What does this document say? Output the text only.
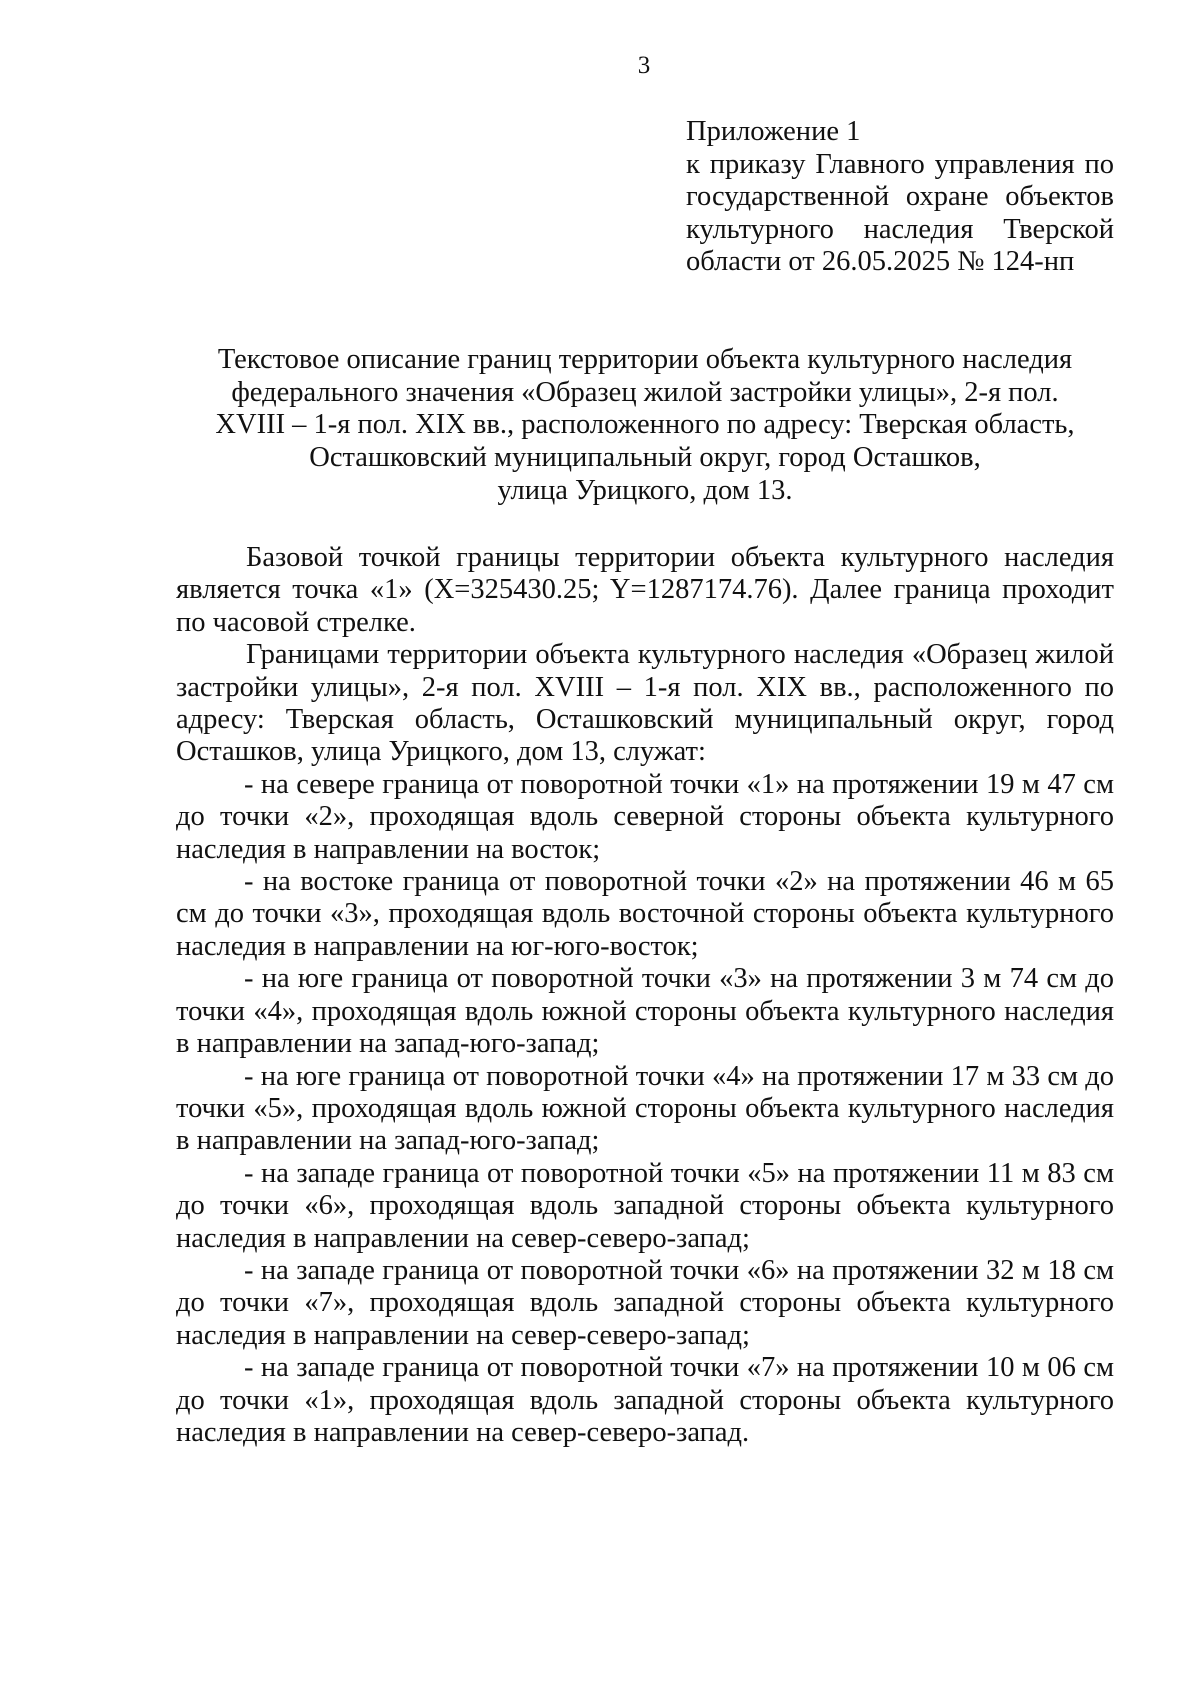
3
Приложение 1
к приказу Главного управления по государственной охране объектов культурного наследия Тверской области от 26.05.2025 № 124-нп
Текстовое описание границ территории объекта культурного наследия
федерального значения «Образец жилой застройки улицы», 2-я пол.
XVIII – 1-я пол. XIX вв., расположенного по адресу: Тверская область,
Осташковский муниципальный округ, город Осташков,
улица Урицкого, дом 13.

Базовой точкой границы территории объекта культурного наследия является точка «1» (X=325430.25; Y=1287174.76). Далее граница проходит по часовой стрелке.

Границами территории объекта культурного наследия «Образец жилой застройки улицы», 2-я пол. XVIII – 1-я пол. XIX вв., расположенного по адресу: Тверская область, Осташковский муниципальный округ, город Осташков, улица Урицкого, дом 13, служат:

- на севере граница от поворотной точки «1» на протяжении 19 м 47 см до точки «2», проходящая вдоль северной стороны объекта культурного наследия в направлении на восток;

- на востоке граница от поворотной точки «2» на протяжении 46 м 65 см до точки «3», проходящая вдоль восточной стороны объекта культурного наследия в направлении на юг-юго-восток;

- на юге граница от поворотной точки «3» на протяжении 3 м 74 см до точки «4», проходящая вдоль южной стороны объекта культурного наследия в направлении на запад-юго-запад;

- на юге граница от поворотной точки «4» на протяжении 17 м 33 см до точки «5», проходящая вдоль южной стороны объекта культурного наследия в направлении на запад-юго-запад;

- на западе граница от поворотной точки «5» на протяжении 11 м 83 см до точки «6», проходящая вдоль западной стороны объекта культурного наследия в направлении на север-северо-запад;

- на западе граница от поворотной точки «6» на протяжении 32 м 18 см до точки «7», проходящая вдоль западной стороны объекта культурного наследия в направлении на север-северо-запад;

- на западе граница от поворотной точки «7» на протяжении 10 м 06 см до точки «1», проходящая вдоль западной стороны объекта культурного наследия в направлении на север-северо-запад.
